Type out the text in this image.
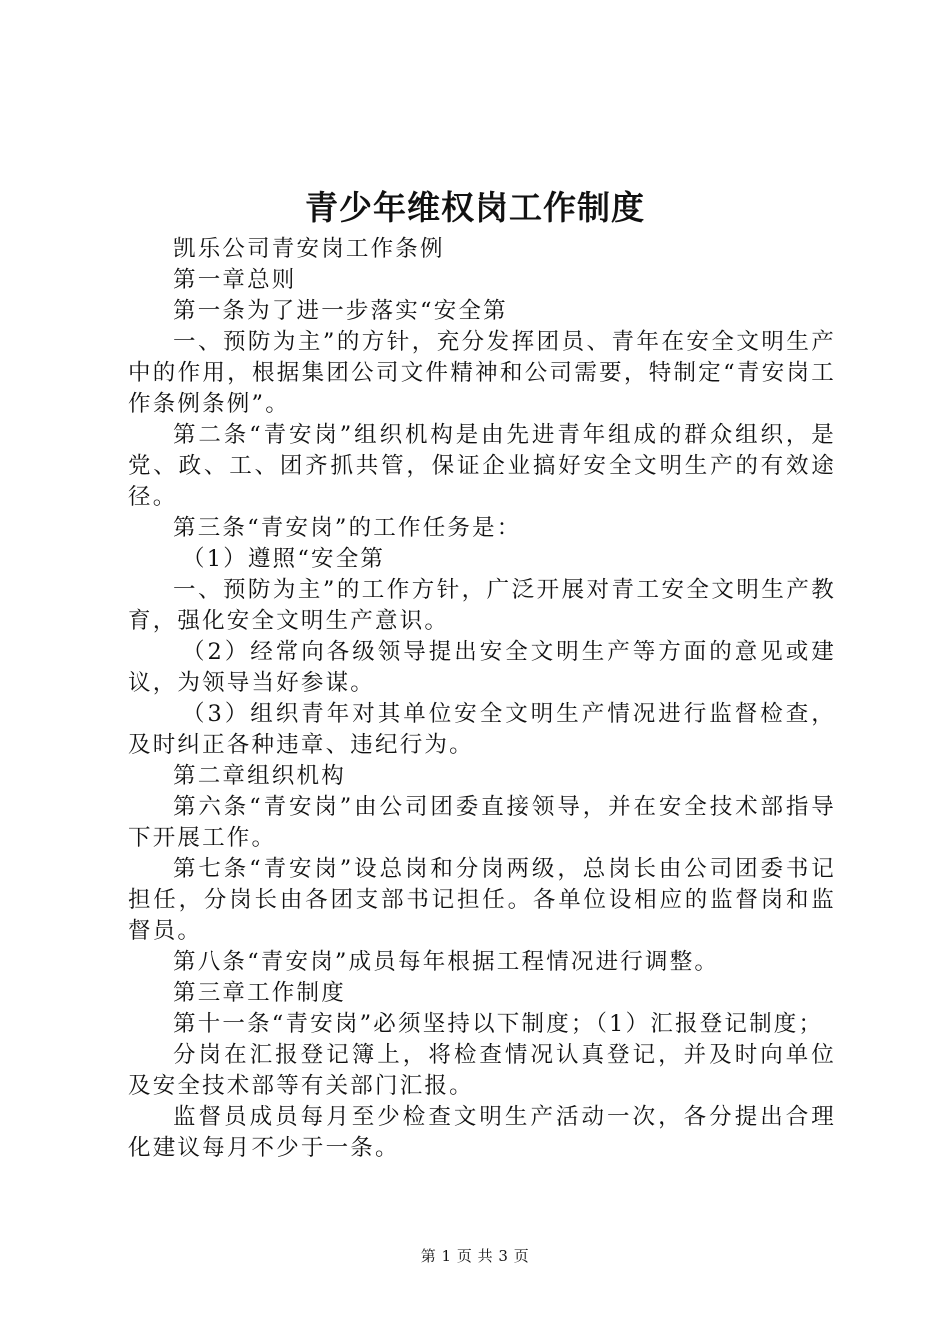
青少年维权岗工作制度

凯乐公司青安岗工作条例

第一章总则

第一条为了进一步落实“安全第

一、预防为主”的方针，充分发挥团员、青年在安全文明生产中的作用，根据集团公司文件精神和公司需要，特制定“青安岗工作条例条例”。

第二条“青安岗”组织机构是由先进青年组成的群众组织，是党、政、工、团齐抓共管，保证企业搞好安全文明生产的有效途径。

第三条“青安岗”的工作任务是：

（1）遵照“安全第

一、预防为主”的工作方针，广泛开展对青工安全文明生产教育，强化安全文明生产意识。

（2）经常向各级领导提出安全文明生产等方面的意见或建议，为领导当好参谋。

（3）组织青年对其单位安全文明生产情况进行监督检查，及时纠正各种违章、违纪行为。

第二章组织机构

第六条“青安岗”由公司团委直接领导，并在安全技术部指导下开展工作。

第七条“青安岗”设总岗和分岗两级，总岗长由公司团委书记担任，分岗长由各团支部书记担任。各单位设相应的监督岗和监督员。

第八条“青安岗”成员每年根据工程情况进行调整。

第三章工作制度

第十一条“青安岗”必须坚持以下制度；（1）汇报登记制度；

分岗在汇报登记簿上，将检查情况认真登记，并及时向单位及安全技术部等有关部门汇报。

监督员成员每月至少检查文明生产活动一次，各分提出合理化建议每月不少于一条。

第 1 页 共 3 页
